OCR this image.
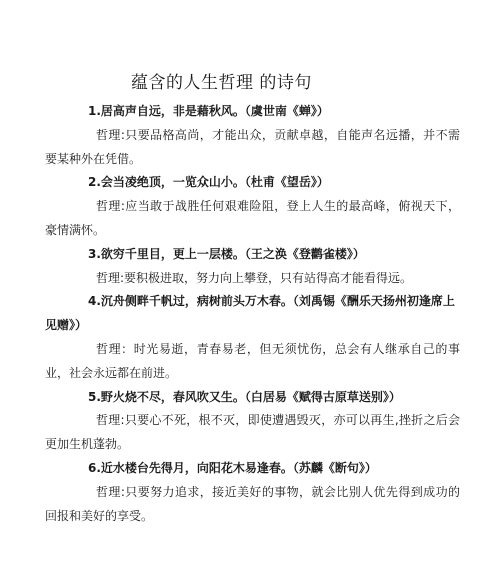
蕴含的人生哲理 的诗句

1.居高声自远，非是藉秋风。（虞世南《蝉》）

哲理:只要品格高尚，才能出众，贡献卓越，自能声名远播，并不需要某种外在凭借。

2.会当凌绝顶，一览众山小。（杜甫《望岳》）

哲理:应当敢于战胜任何艰难险阻，登上人生的最高峰，俯视天下，豪情满怀。

3.欲穷千里目，更上一层楼。（王之涣《登鹳雀楼》）

哲理:要积极进取，努力向上攀登，只有站得高才能看得远。

4.沉舟侧畔千帆过，病树前头万木春。（刘禹锡《酬乐天扬州初逢席上见赠》）

哲理：时光易逝，青春易老，但无须忧伤，总会有人继承自己的事业，社会永远都在前进。

5.野火烧不尽，春风吹又生。（白居易《赋得古原草送别》）

哲理:只要心不死，根不灭，即使遭遇毁灭，亦可以再生,挫折之后会更加生机蓬勃。

6.近水楼台先得月，向阳花木易逢春。（苏麟《断句》）

哲理:只要努力追求，接近美好的事物，就会比别人优先得到成功的回报和美好的享受。
